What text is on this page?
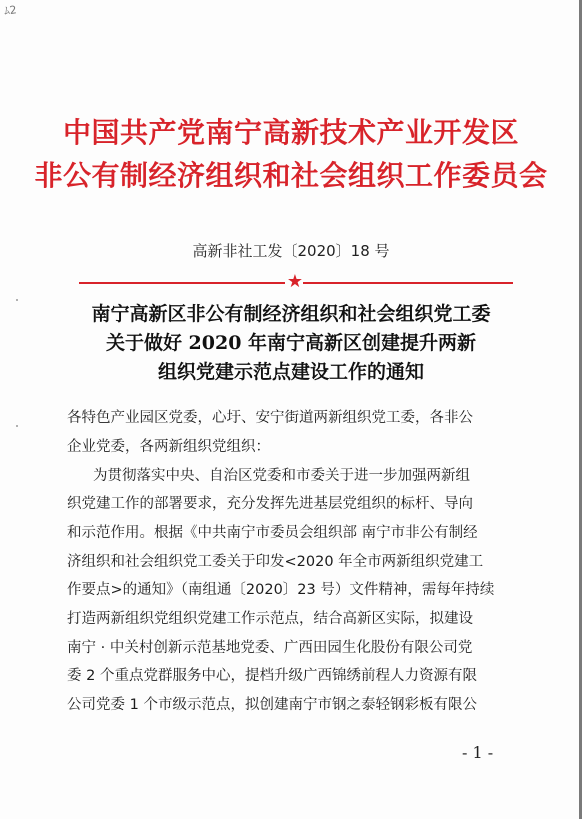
ﾑ2
中国共产党南宁高新技术产业开发区
非公有制经济组织和社会组织工作委员会
高新非社工发〔2020〕18 号
★
南宁高新区非公有制经济组织和社会组织党工委
关于做好 2020 年南宁高新区创建提升两新
组织党建示范点建设工作的通知
各特色产业园区党委，心圩、安宁街道两新组织党工委，各非公
企业党委，各两新组织党组织：
为贯彻落实中央、自治区党委和市委关于进一步加强两新组
织党建工作的部署要求，充分发挥先进基层党组织的标杆、导向
和示范作用。根据《中共南宁市委员会组织部 南宁市非公有制经
济组织和社会组织党工委关于印发<2020 年全市两新组织党建工
作要点>的通知》（南组通〔2020〕23 号）文件精神，需每年持续
打造两新组织党组织党建工作示范点，结合高新区实际，拟建设
南宁 · 中关村创新示范基地党委、广西田园生化股份有限公司党
委 2 个重点党群服务中心，提档升级广西锦绣前程人力资源有限
公司党委 1 个市级示范点，拟创建南宁市钢之泰轻钢彩板有限公
- 1 -
